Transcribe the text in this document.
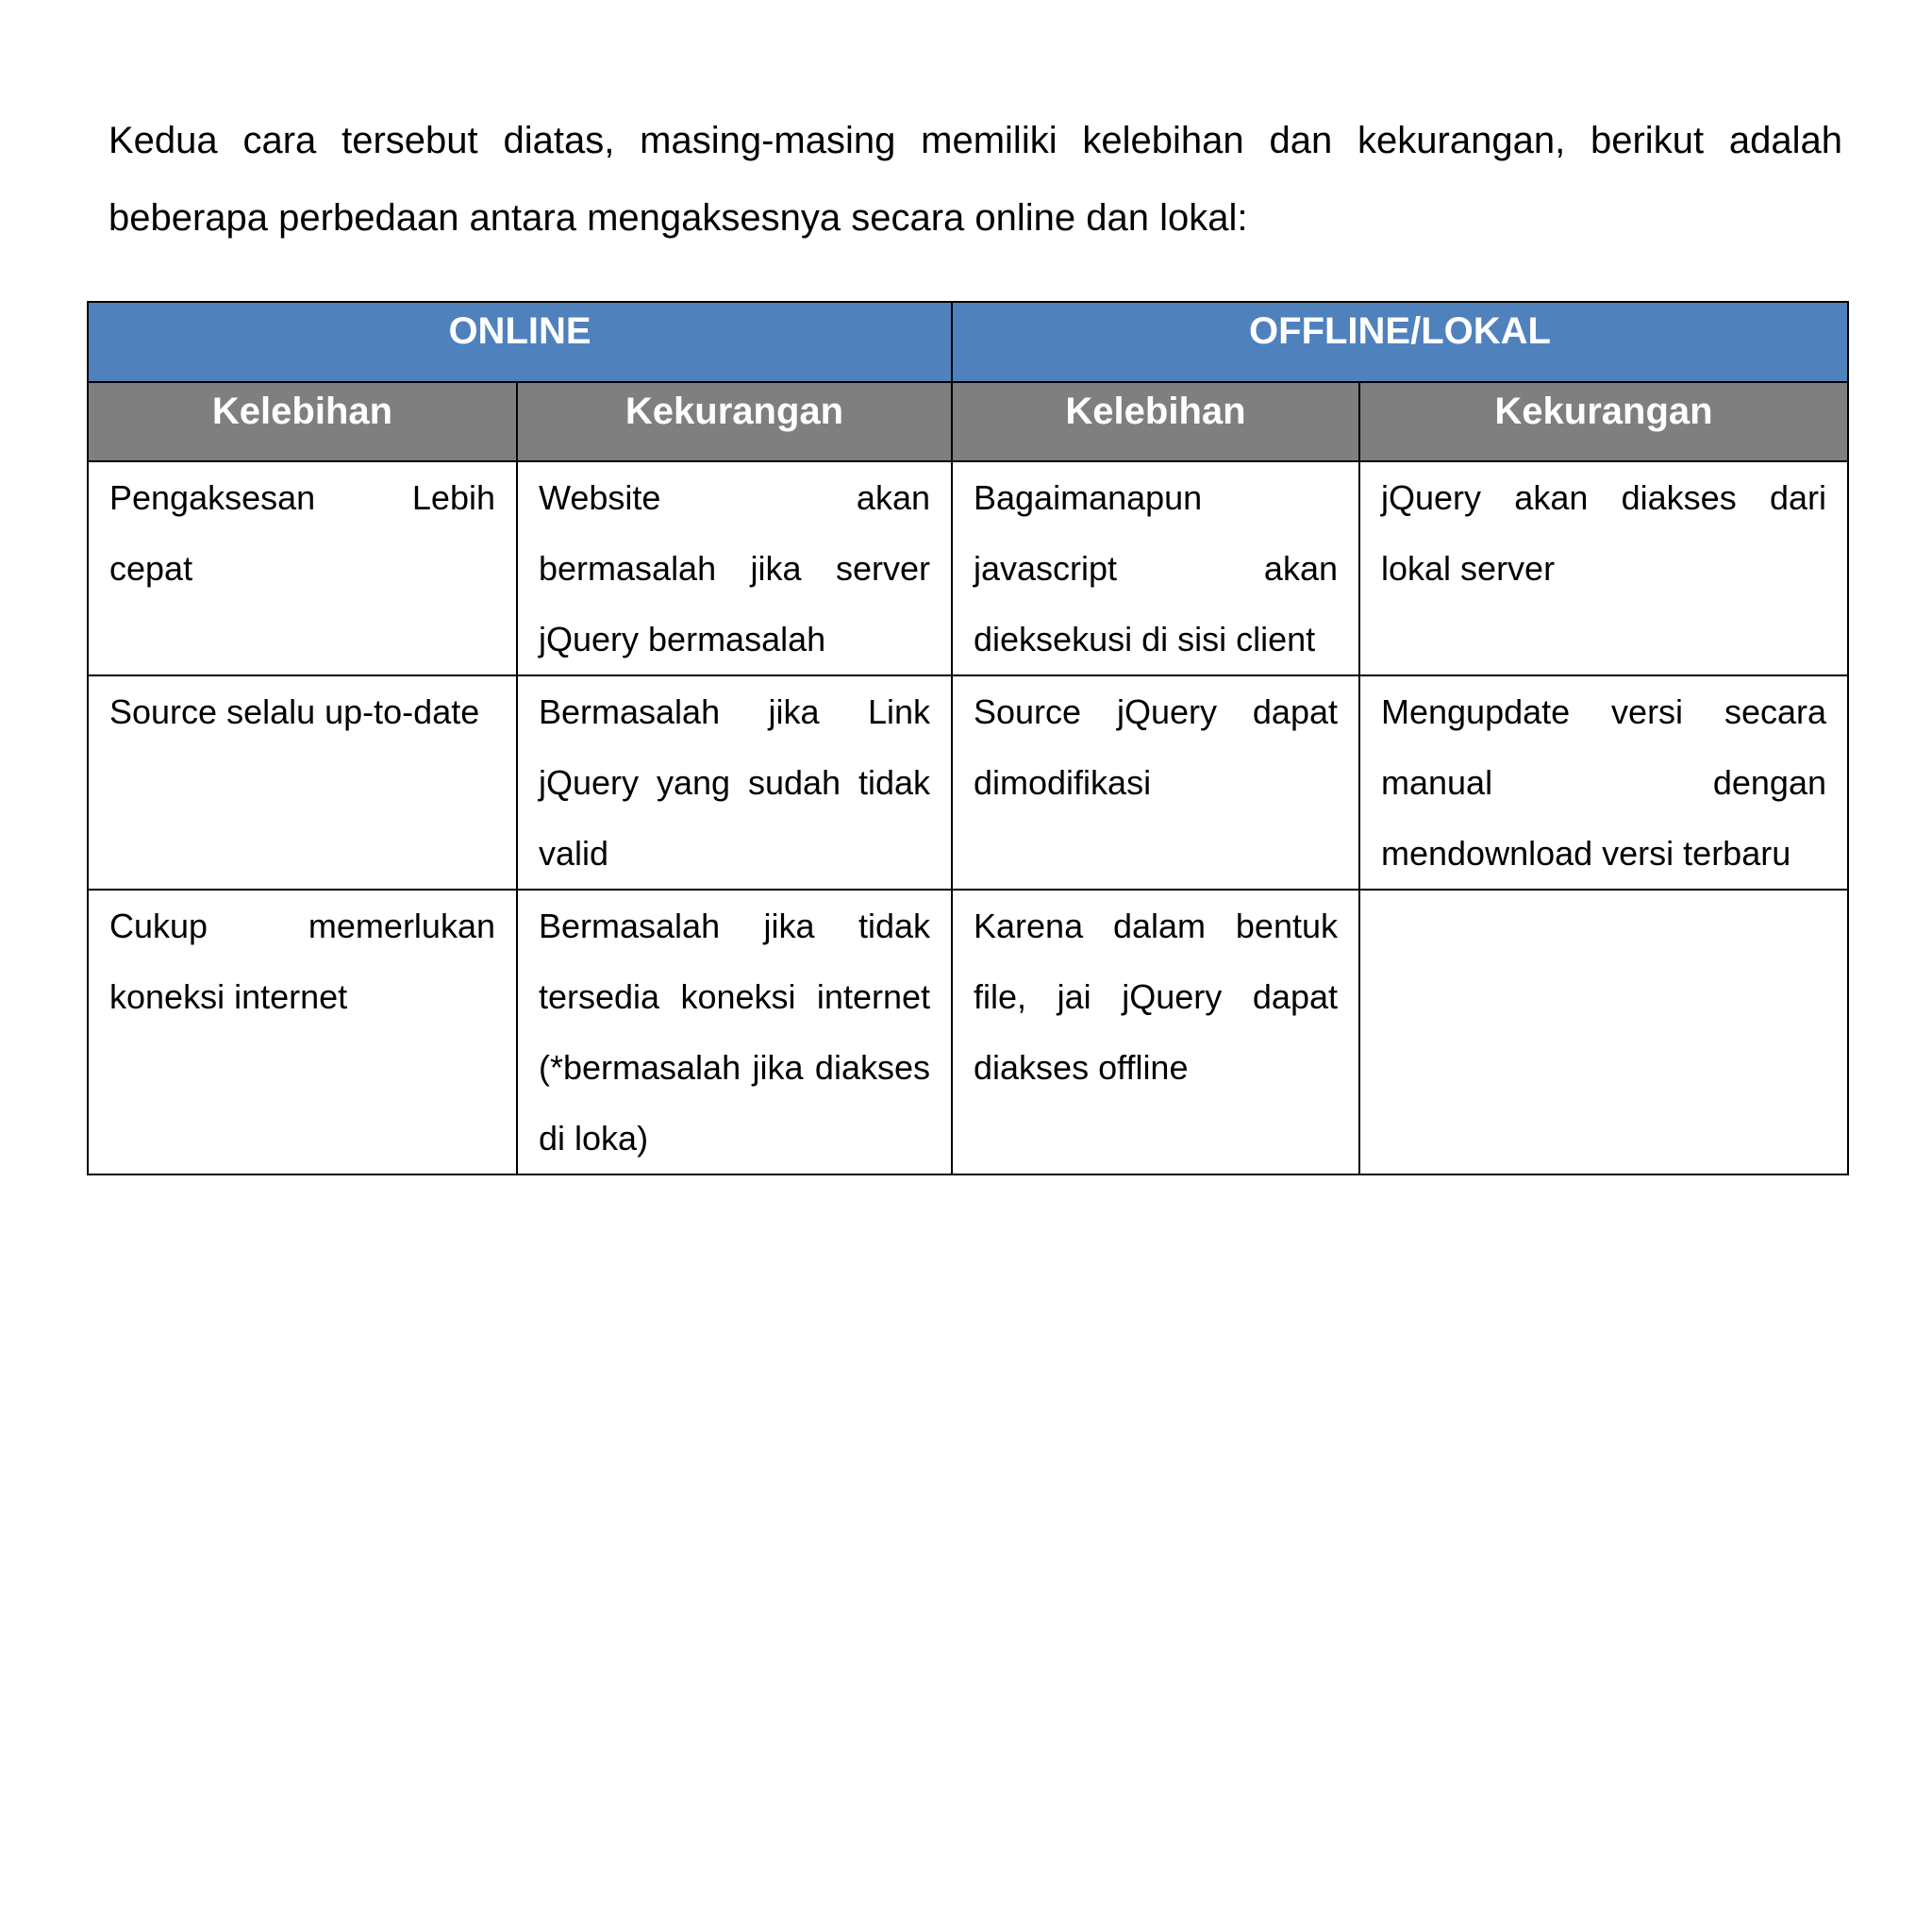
Kedua cara tersebut diatas, masing-masing memiliki kelebihan dan kekurangan, berikut adalah beberapa perbedaan antara mengaksesnya secara online dan lokal:

ONLINE		OFFLINE/LOKAL	
Kelebihan	Kekurangan	Kelebihan	Kekurangan
Pengaksesan Lebih cepat	Website akan bermasalah jika server jQuery bermasalah	Bagaimanapun javascript akan dieksekusi di sisi client	jQuery akan diakses dari lokal server
Source selalu up-to-date	Bermasalah jika Link jQuery yang sudah tidak valid	Source jQuery dapat dimodifikasi	Mengupdate versi secara manual dengan mendownload versi terbaru
Cukup memerlukan koneksi internet	Bermasalah jika tidak tersedia koneksi internet (*bermasalah jika diakses di loka)	Karena dalam bentuk file, jai jQuery dapat diakses offline	
